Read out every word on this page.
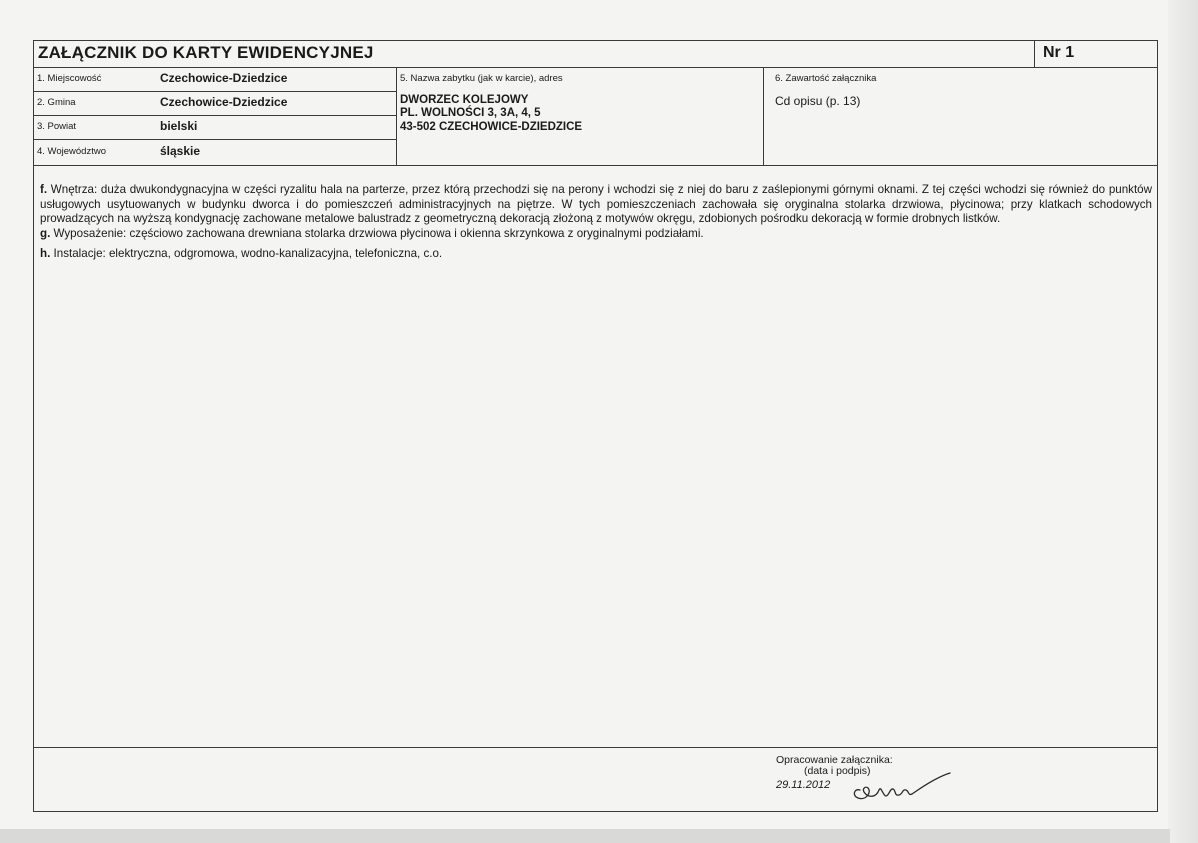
ZAŁĄCZNIK DO KARTY EWIDENCYJNEJ	Nr 1
1. Miejscowość	Czechowice-Dziedzice
2. Gmina	Czechowice-Dziedzice
3. Powiat	bielski
4. Województwo	śląskie
5. Nazwa zabytku (jak w karcie), adres
DWORZEC KOLEJOWY
PL. WOLNOŚCI 3, 3A, 4, 5
43-502 CZECHOWICE-DZIEDZICE
6. Zawartość załącznika
Cd opisu (p. 13)

f. Wnętrza: duża dwukondygnacyjna w części ryzalitu hala na parterze, przez którą przechodzi się na perony i wchodzi się z niej do baru z zaślepionymi górnymi oknami. Z tej części wchodzi się również do punktów usługowych usytuowanych w budynku dworca i do pomieszczeń administracyjnych na piętrze. W tych pomieszczeniach zachowała się oryginalna stolarka drzwiowa, płycinowa; przy klatkach schodowych prowadzących na wyższą kondygnację zachowane metalowe balustradz z geometryczną dekoracją złożoną z motywów okręgu, zdobionych pośrodku dekoracją w formie drobnych listków.

g. Wyposażenie: częściowo zachowana drewniana stolarka drzwiowa płycinowa i okienna skrzynkowa z oryginalnymi podziałami.

h. Instalacje: elektryczna, odgromowa, wodno-kanalizacyjna, telefoniczna, c.o.

Opracowanie załącznika:
(data i podpis)
29.11.2012
